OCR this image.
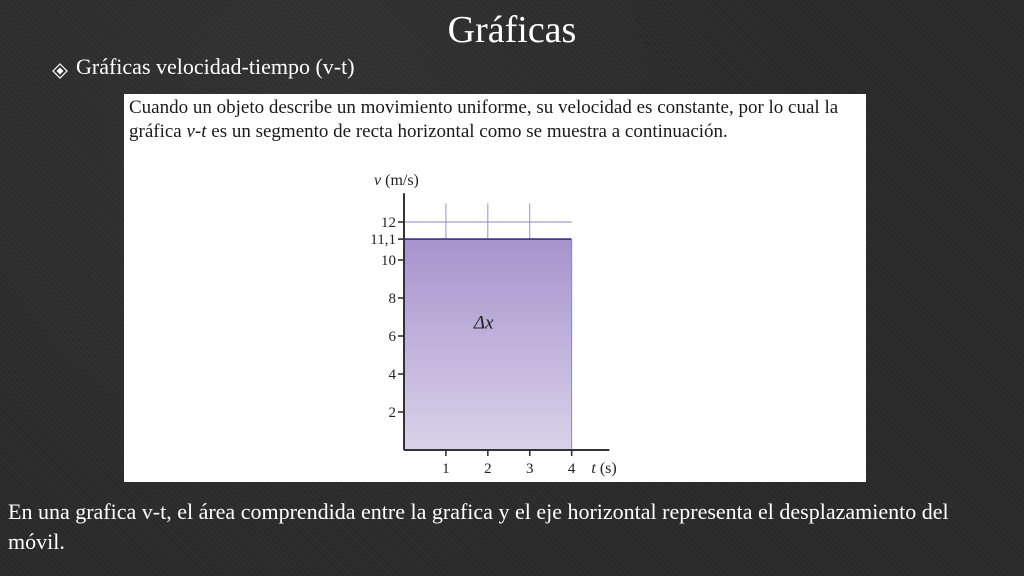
Gráficas
Gráficas velocidad-tiempo (v-t)
Cuando un objeto describe un movimiento uniforme, su velocidad es constante, por lo cual la gráfica v-t es un segmento de recta horizontal como se muestra a continuación.
2
4
6
8
10
12
11,1
1 2 3 4
v (m/s)
t (s)
Δx
En una grafica v-t, el área comprendida entre la grafica y el eje horizontal representa el desplazamiento del móvil.
